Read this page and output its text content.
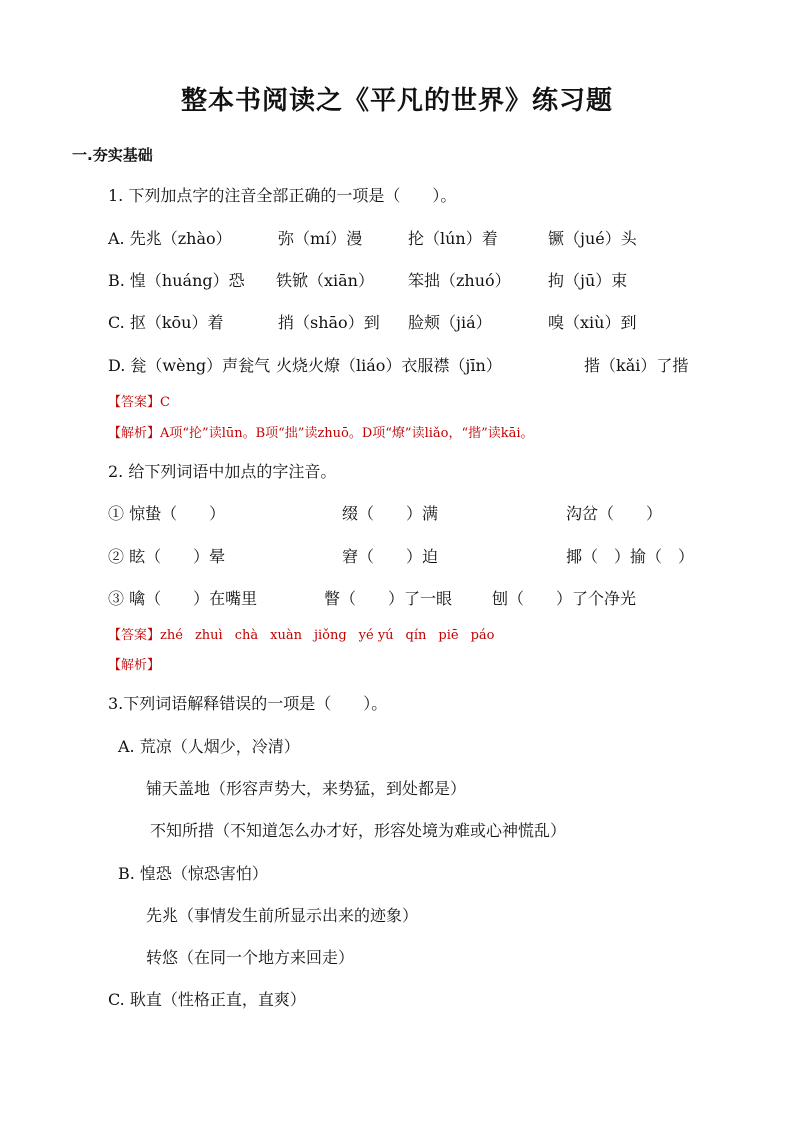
整本书阅读之《平凡的世界》练习题
一.夯实基础
1. 下列加点字的注音全部正确的一项是（　　）。
A. 先兆（zhào）	弥（mí）漫	抡（lún）着	镢（jué）头
B. 惶（huáng）恐 铁锨（xiān） 笨拙（zhuó） 拘（jū）束
C. 抠（kōu）着	捎（shāo）到 脸颊（jiá）	嗅（xiù）到
D. 瓮（wèng）声瓮气 火烧火燎（liáo）衣服襟（jīn）	揩（kǎi）了揩
【答案】C
【解析】A项“抡”读lūn。B项“拙”读zhuō。D项“燎”读liǎo，“揩”读kāi。
2. 给下列词语中加点的字注音。
① 惊蛰（　　）	缀（　　）满	沟岔（　　）
② 眩（　　）晕	窘（　　）迫	揶（　）揄（　）
③ 噙（　　）在嘴里	瞥（　　）了一眼 刨（　　）了个净光
【答案】zhé zhuì chà xuàn jiǒng yé yú qín piē páo
【解析】
3.下列词语解释错误的一项是（　　）。
A. 荒凉（人烟少，冷清）
铺天盖地（形容声势大，来势猛，到处都是）
不知所措（不知道怎么办才好，形容处境为难或心神慌乱）
B. 惶恐（惊恐害怕）
先兆（事情发生前所显示出来的迹象）
转悠（在同一个地方来回走）
C. 耿直（性格正直，直爽）
